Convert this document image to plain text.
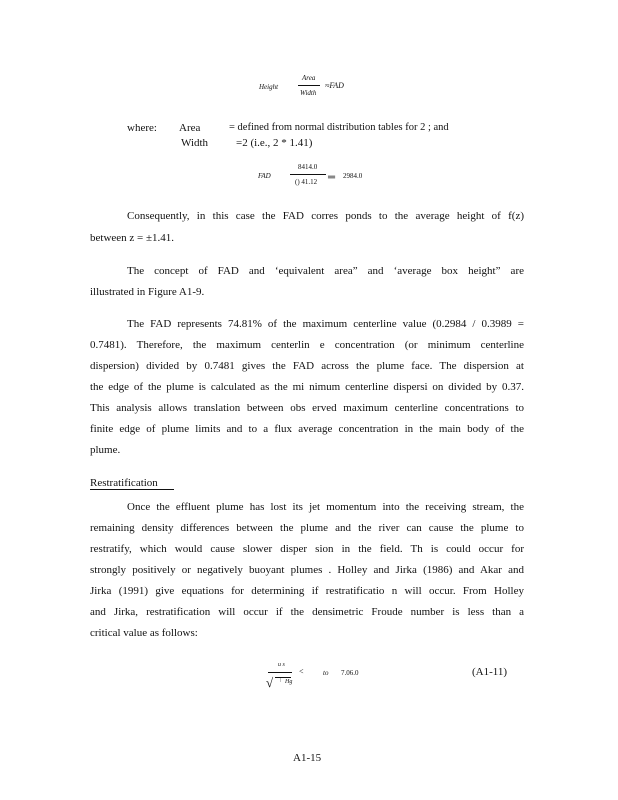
Height
Area
Width
≈FAD
where: Area	= defined from normal distribution tables for 2 ; and
Width	=2 (i.e., 2 * 1.41)
FAD
8414.0
() 41.12 ═ 2984.0
Consequently, in this case the FAD corres ponds to the average height of f(z)
between z = ±1.41.
The concept of FAD and ‘equivalent area” and ‘average box height” are
illustrated in Figure A1-9.
The FAD represents 74.81% of the maximum centerline value (0.2984 / 0.3989 =
0.7481). Therefore, the maximum centerlin e concentration (or minimum centerline
dispersion) divided by 0.7481 gives the FAD across the plume face. The dispersion at
the edge of the plume is calculated as the mi nimum centerline dispersi on divided by 0.37.
This analysis allows translation between obs erved maximum centerline concentrations to
finite edge of plume limits and to a flux average concentration in the main body of the
plume.
Restratification
Once the effluent plume has lost its jet momentum into the receiving stream, the
remaining density differences between the plume and the river can cause the plume to
restratify, which would cause slower disper sion in the field. Th is could occur for
strongly positively or negatively buoyant plumes . Holley and Jirka (1986) and Akar and
Jirka (1991) give equations for determining if restratificatio n will occur. From Holley
and Jirka, restratification will occur if the densimetric Froude number is less than a
critical value as follows:
u s
√ | Hg
<	to 7.06.0	(A1-11)
A1-15
